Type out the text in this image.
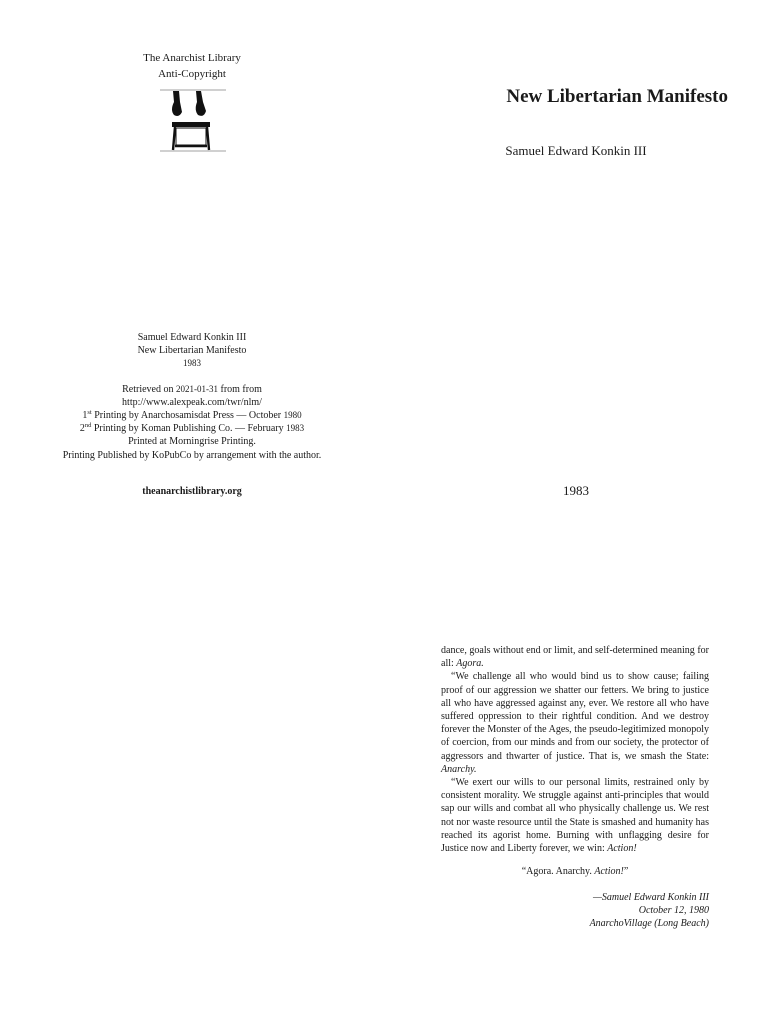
The Anarchist Library
Anti-Copyright
Samuel Edward Konkin III
New Libertarian Manifesto
1983
Retrieved on 2021-01-31 from from
http://www.alexpeak.com/twr/nlm/
1st Printing by Anarchosamisdat Press — October 1980
2nd Printing by Koman Publishing Co. — February 1983
Printed at Morningrise Printing.
Printing Published by KoPubCo by arrangement with the author.
theanarchistlibrary.org
New Libertarian Manifesto
Samuel Edward Konkin III
1983

dance, goals without end or limit, and self-determined meaning for all: Agora.

“We challenge all who would bind us to show cause; failing proof of our aggression we shatter our fetters. We bring to justice all who have aggressed against any, ever. We restore all who have suffered oppression to their rightful condition. And we destroy forever the Monster of the Ages, the pseudo-legitimized monopoly of coercion, from our minds and from our society, the protector of aggressors and thwarter of justice. That is, we smash the State: Anarchy.

“We exert our wills to our personal limits, restrained only by consistent morality. We struggle against anti-principles that would sap our wills and combat all who physically challenge us. We rest not nor waste resource until the State is smashed and humanity has reached its agorist home. Burning with unflagging desire for Justice now and Liberty forever, we win: Action!

“Agora. Anarchy. Action!”
—Samuel Edward Konkin III
October 12, 1980
AnarchoVillage (Long Beach)
